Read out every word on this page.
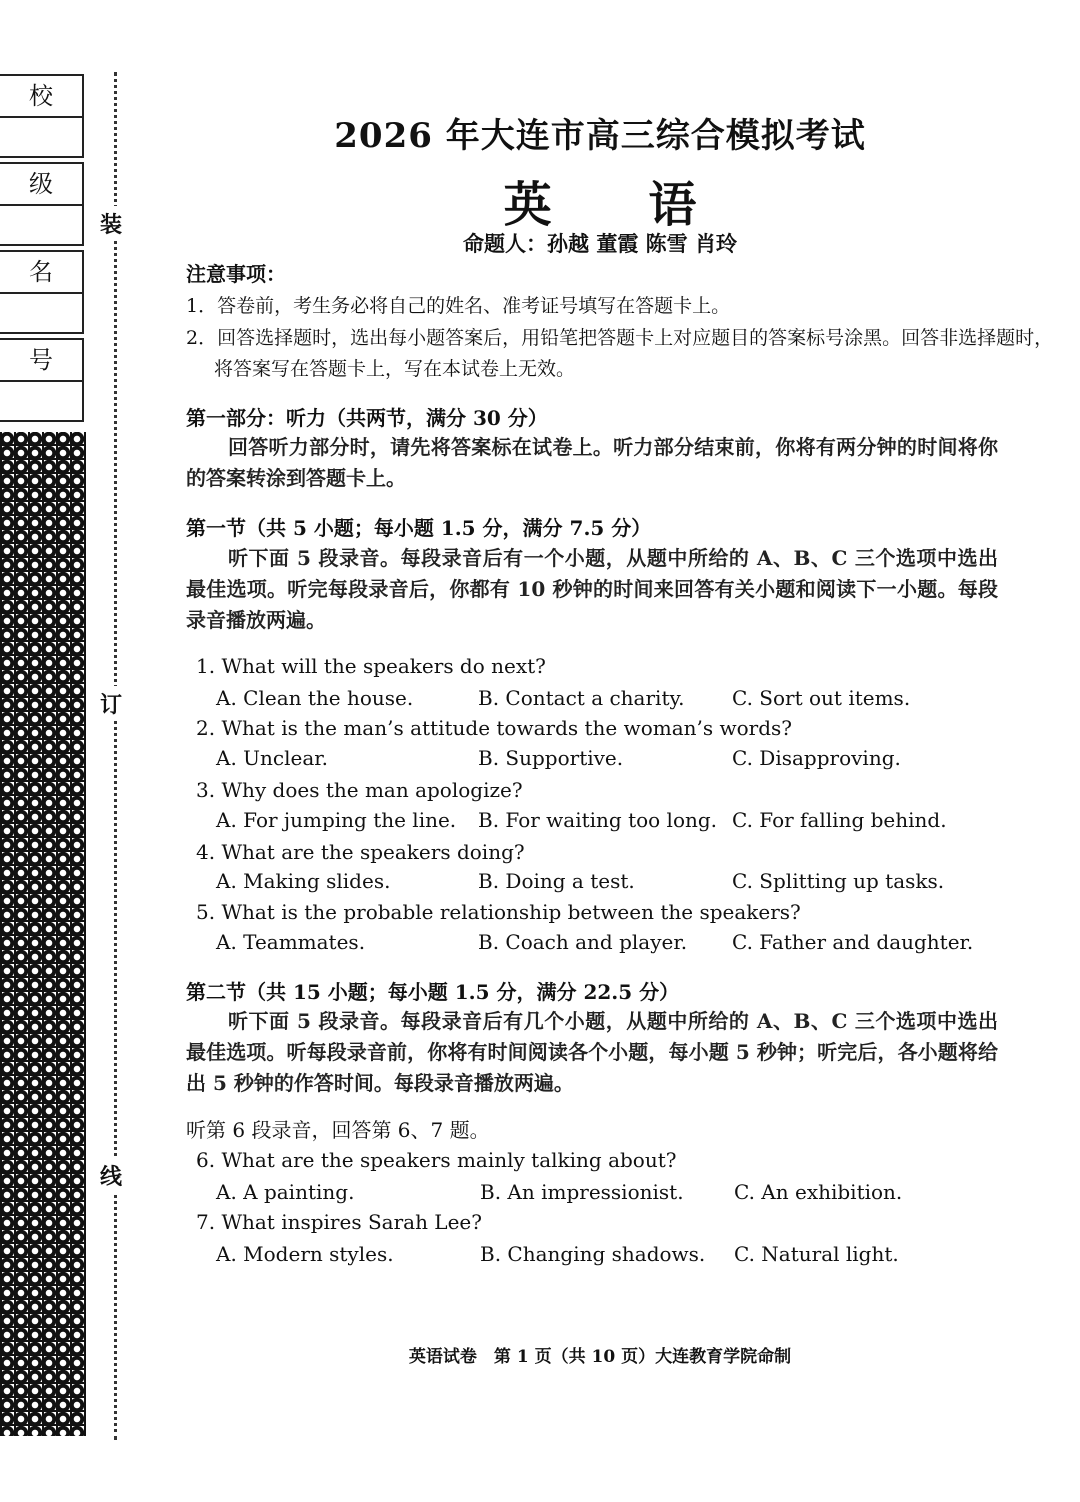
校
级
名
号
装
订
线
2026 年大连市高三综合模拟考试
英 语
命题人：孙越 董霞 陈雪 肖玲
注意事项：
1．答卷前，考生务必将自己的姓名、准考证号填写在答题卡上。
2．回答选择题时，选出每小题答案后，用铅笔把答题卡上对应题目的答案标号涂黑。回答非选择题时，
将答案写在答题卡上，写在本试卷上无效。
第一部分：听力（共两节，满分 30 分）
回答听力部分时，请先将答案标在试卷上。听力部分结束前，你将有两分钟的时间将你的答案转涂到答题卡上。
第一节（共 5 小题；每小题 1.5 分，满分 7.5 分）
听下面 5 段录音。每段录音后有一个小题，从题中所给的 A、B、C 三个选项中选出最佳选项。听完每段录音后，你都有 10 秒钟的时间来回答有关小题和阅读下一小题。每段录音播放两遍。
1. What will the speakers do next?
A. Clean the house.	B. Contact a charity. C. Sort out items.
2. What is the man’s attitude towards the woman’s words?
A. Unclear.	B. Supportive.	C. Disapproving.
3. Why does the man apologize?
A. For jumping the line. B. For waiting too long. C. For falling behind.
4. What are the speakers doing?
A. Making slides.	B. Doing a test.	C. Splitting up tasks.
5. What is the probable relationship between the speakers?
A. Teammates.	B. Coach and player. C. Father and daughter.
第二节（共 15 小题；每小题 1.5 分，满分 22.5 分）
听下面 5 段录音。每段录音后有几个小题，从题中所给的 A、B、C 三个选项中选出最佳选项。听每段录音前，你将有时间阅读各个小题，每小题 5 秒钟；听完后，各小题将给出 5 秒钟的作答时间。每段录音播放两遍。
听第 6 段录音，回答第 6、7 题。
6. What are the speakers mainly talking about?
A. A painting.	B. An impressionist.	C. An exhibition.
7. What inspires Sarah Lee?
A. Modern styles.	B. Changing shadows. C. Natural light.
英语试卷　第 1 页（共 10 页）大连教育学院命制
